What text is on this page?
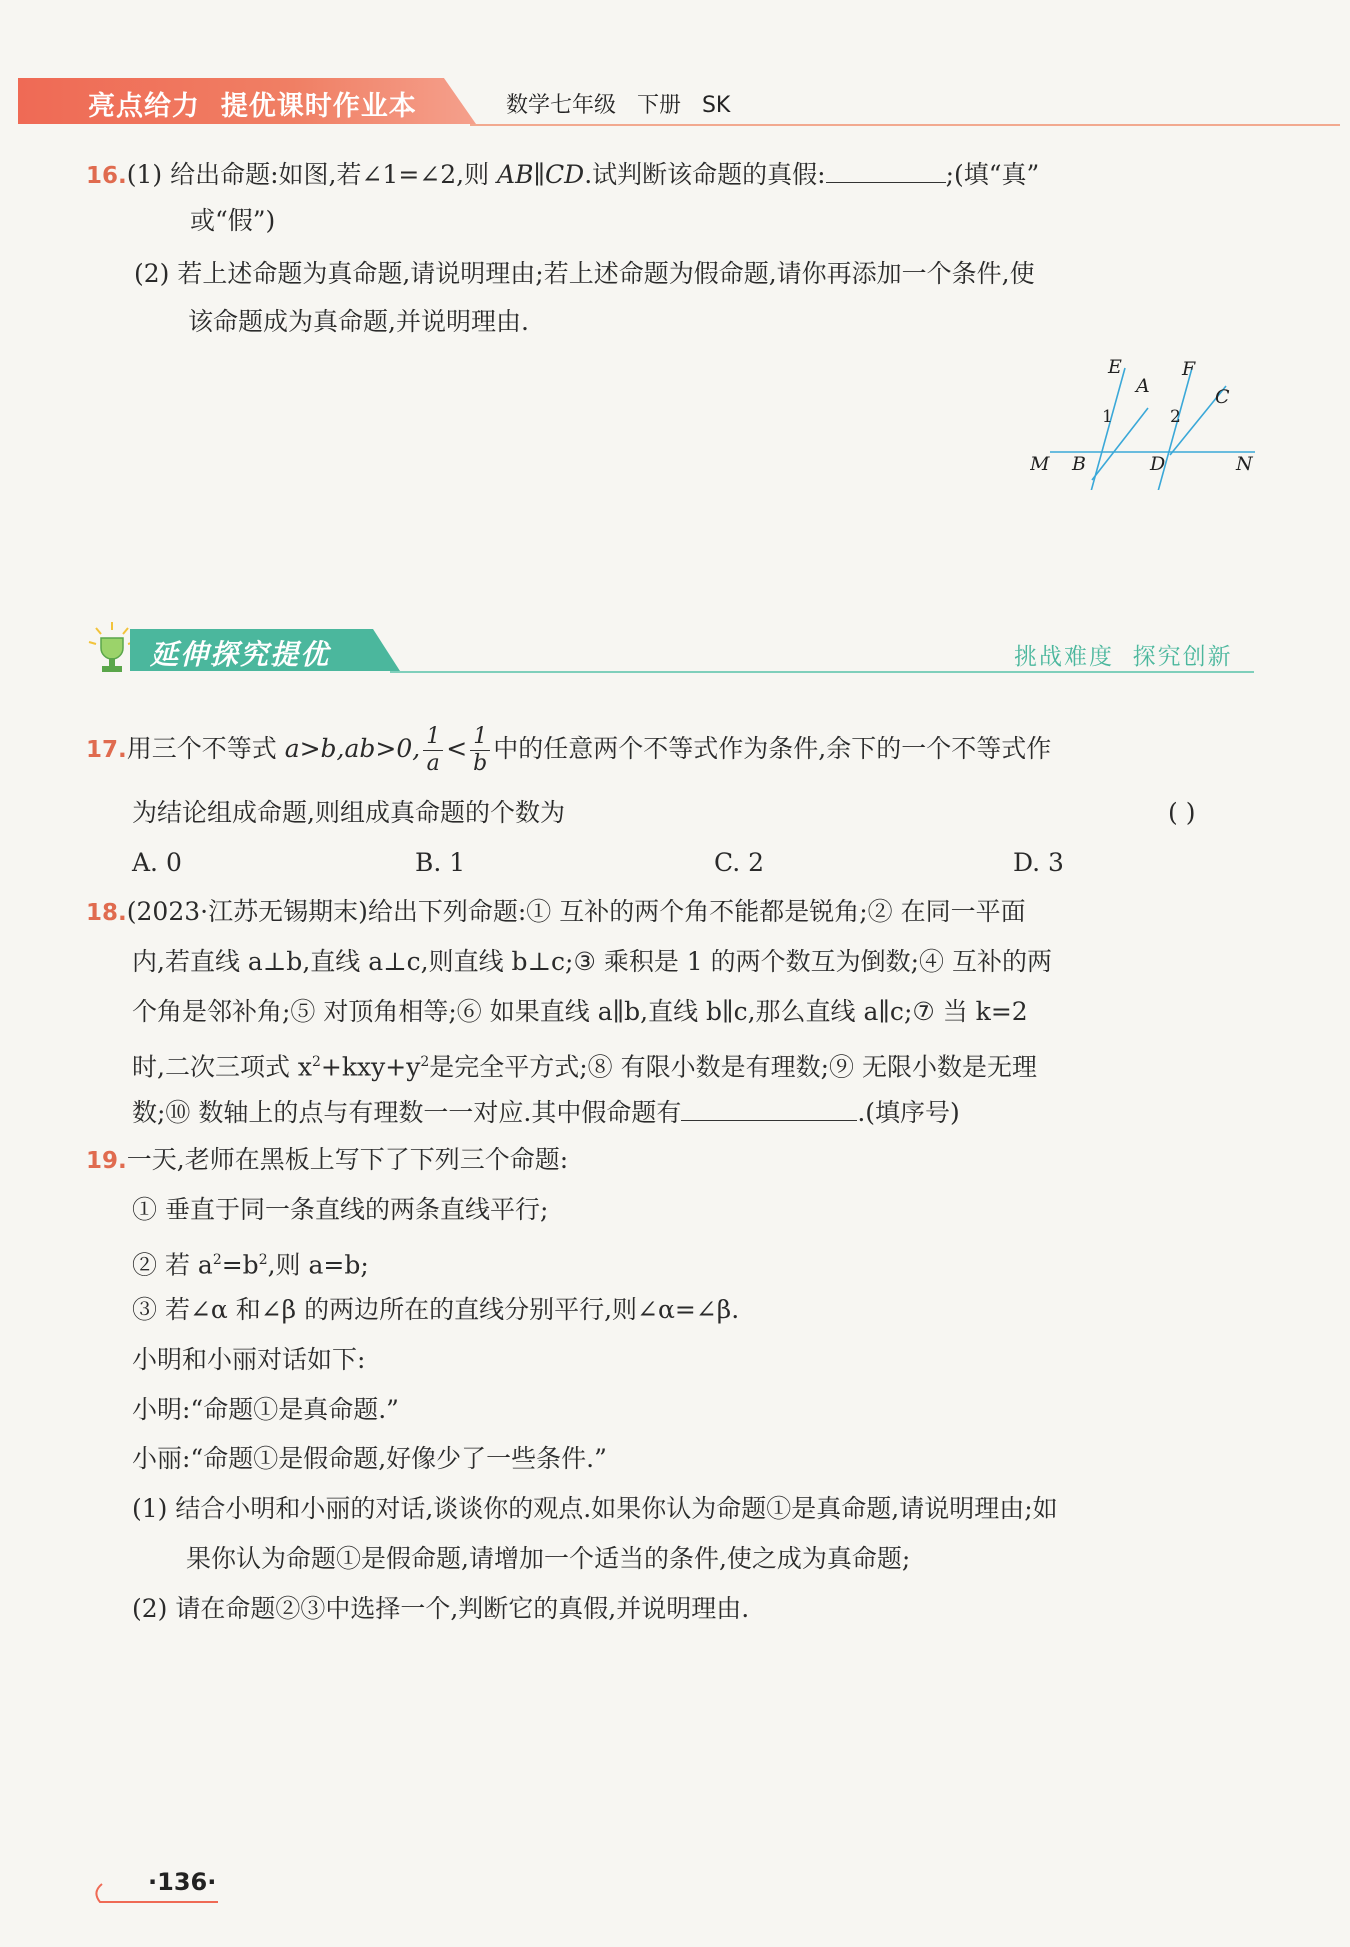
亮点给力  提优课时作业本	数学七年级   下册   SK
16.(1) 给出命题:如图,若∠1=∠2,则 AB∥CD.试判断该命题的真假:	;(填“真”
或“假”)
(2) 若上述命题为真命题,请说明理由;若上述命题为假命题,请你再添加一个条件,使
该命题成为真命题,并说明理由.
E
A
F
C
M B	D	N
1	2
延伸探究提优	挑战难度  探究创新
17.用三个不等式 a>b,ab>0, $\frac{1}{a} < \frac{1}{b}$ 中的任意两个不等式作为条件,余下的一个不等式作
为结论组成命题,则组成真命题的个数为	( )
A. 0	B. 1	C. 2	D. 3
18.(2023·江苏无锡期末)给出下列命题:① 互补的两个角不能都是锐角;② 在同一平面
内,若直线 a⊥b,直线 a⊥c,则直线 b⊥c;③ 乘积是 1 的两个数互为倒数;④ 互补的两
个角是邻补角;⑤ 对顶角相等;⑥ 如果直线 a∥b,直线 b∥c,那么直线 a∥c;⑦ 当 k=2
时,二次三项式 $x^2+kxy+y^2$是完全平方式;⑧ 有限小数是有理数;⑨ 无限小数是无理
数;⑩ 数轴上的点与有理数一一对应.其中假命题有	.(填序号)
19.一天,老师在黑板上写下了下列三个命题:
① 垂直于同一条直线的两条直线平行;
② 若 $a^2=b^2$,则 a=b;
③ 若∠α 和∠β 的两边所在的直线分别平行,则∠α=∠β.
小明和小丽对话如下:
小明:“命题①是真命题.”
小丽:“命题①是假命题,好像少了一些条件.”
(1) 结合小明和小丽的对话,谈谈你的观点.如果你认为命题①是真命题,请说明理由;如
果你认为命题①是假命题,请增加一个适当的条件,使之成为真命题;
(2) 请在命题②③中选择一个,判断它的真假,并说明理由.
·136·
